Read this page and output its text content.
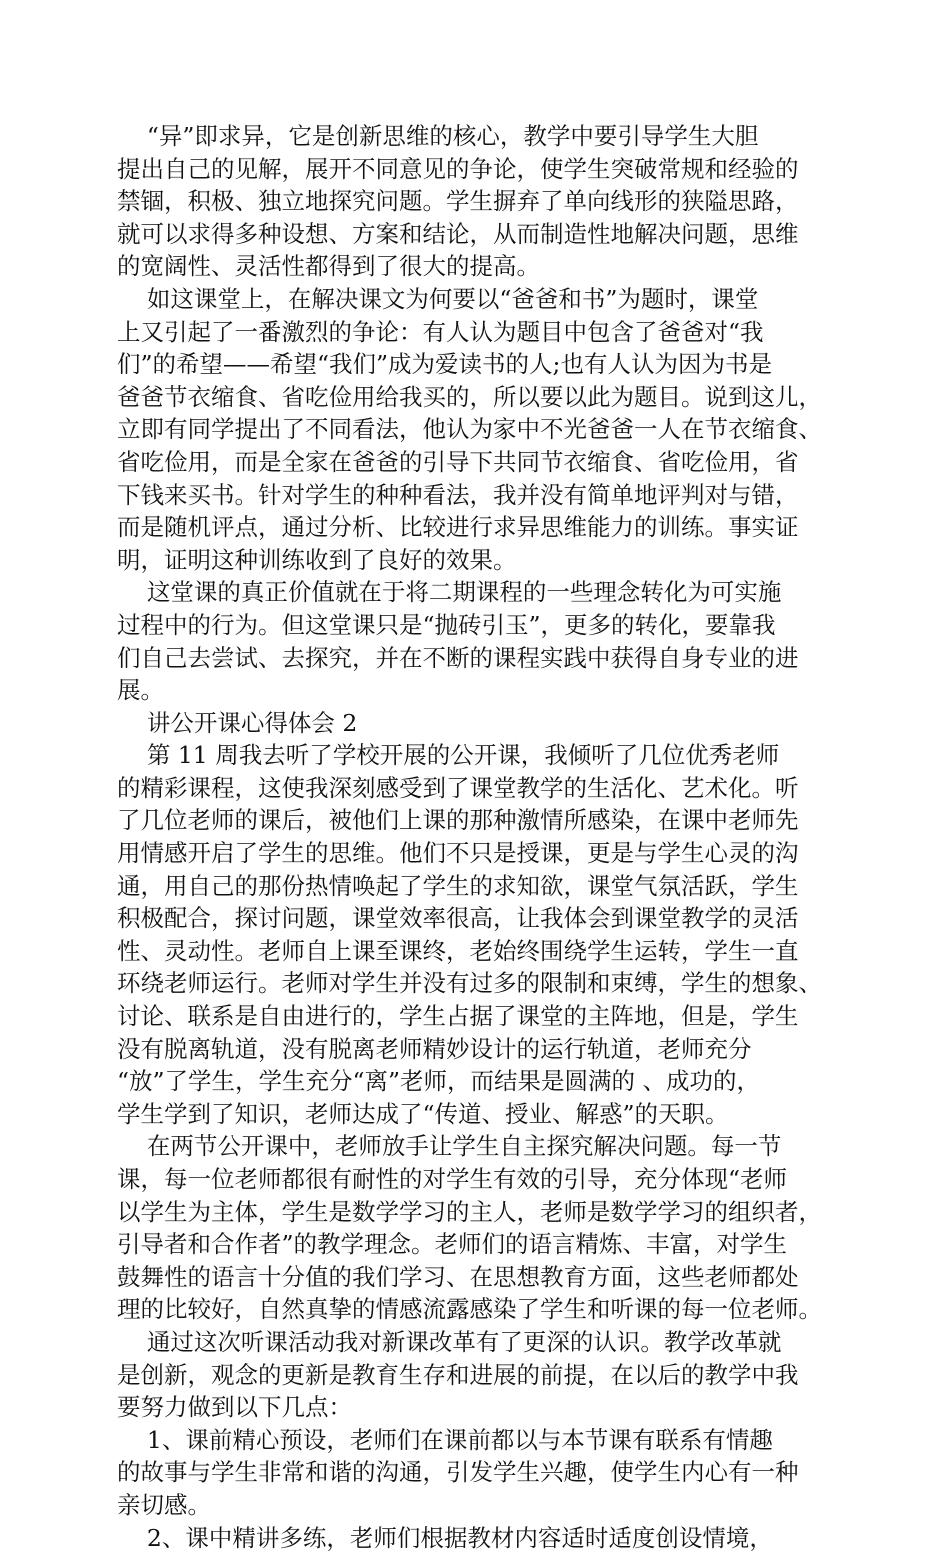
“异”即求异，它是创新思维的核心，教学中要引导学生大胆

提出自己的见解，展开不同意见的争论，使学生突破常规和经验的

禁锢，积极、独立地探究问题。学生摒弃了单向线形的狭隘思路，

就可以求得多种设想、方案和结论，从而制造性地解决问题，思维

的宽阔性、灵活性都得到了很大的提高。

如这课堂上，在解决课文为何要以“爸爸和书”为题时，课堂

上又引起了一番激烈的争论：有人认为题目中包含了爸爸对“我

们”的希望——希望“我们”成为爱读书的人;也有人认为因为书是

爸爸节衣缩食、省吃俭用给我买的，所以要以此为题目。说到这儿，

立即有同学提出了不同看法，他认为家中不光爸爸一人在节衣缩食、

省吃俭用，而是全家在爸爸的引导下共同节衣缩食、省吃俭用，省

下钱来买书。针对学生的种种看法，我并没有简单地评判对与错，

而是随机评点，通过分析、比较进行求异思维能力的训练。事实证

明，证明这种训练收到了良好的效果。

这堂课的真正价值就在于将二期课程的一些理念转化为可实施

过程中的行为。但这堂课只是“抛砖引玉”，更多的转化，要靠我

们自己去尝试、去探究，并在不断的课程实践中获得自身专业的进

展。

讲公开课心得体会 2

第 11 周我去听了学校开展的公开课，我倾听了几位优秀老师

的精彩课程，这使我深刻感受到了课堂教学的生活化、艺术化。听

了几位老师的课后，被他们上课的那种激情所感染，在课中老师先

用情感开启了学生的思维。他们不只是授课，更是与学生心灵的沟

通，用自己的那份热情唤起了学生的求知欲，课堂气氛活跃，学生

积极配合，探讨问题，课堂效率很高，让我体会到课堂教学的灵活

性、灵动性。老师自上课至课终，老始终围绕学生运转，学生一直

环绕老师运行。老师对学生并没有过多的限制和束缚，学生的想象、

讨论、联系是自由进行的，学生占据了课堂的主阵地，但是，学生

没有脱离轨道，没有脱离老师精妙设计的运行轨道，老师充分

“放”了学生，学生充分“离”老师，而结果是圆满的 、成功的，

学生学到了知识，老师达成了“传道、授业、解惑”的天职。

在两节公开课中，老师放手让学生自主探究解决问题。每一节

课，每一位老师都很有耐性的对学生有效的引导，充分体现“老师

以学生为主体，学生是数学学习的主人，老师是数学学习的组织者，

引导者和合作者”的教学理念。老师们的语言精炼、丰富，对学生

鼓舞性的语言十分值的我们学习、在思想教育方面，这些老师都处

理的比较好，自然真挚的情感流露感染了学生和听课的每一位老师。

通过这次听课活动我对新课改革有了更深的认识。教学改革就

是创新，观念的更新是教育生存和进展的前提，在以后的教学中我

要努力做到以下几点：

1、课前精心预设，老师们在课前都以与本节课有联系有情趣

的故事与学生非常和谐的沟通，引发学生兴趣，使学生内心有一种

亲切感。

2、课中精讲多练，老师们根据教材内容适时适度创设情境，
